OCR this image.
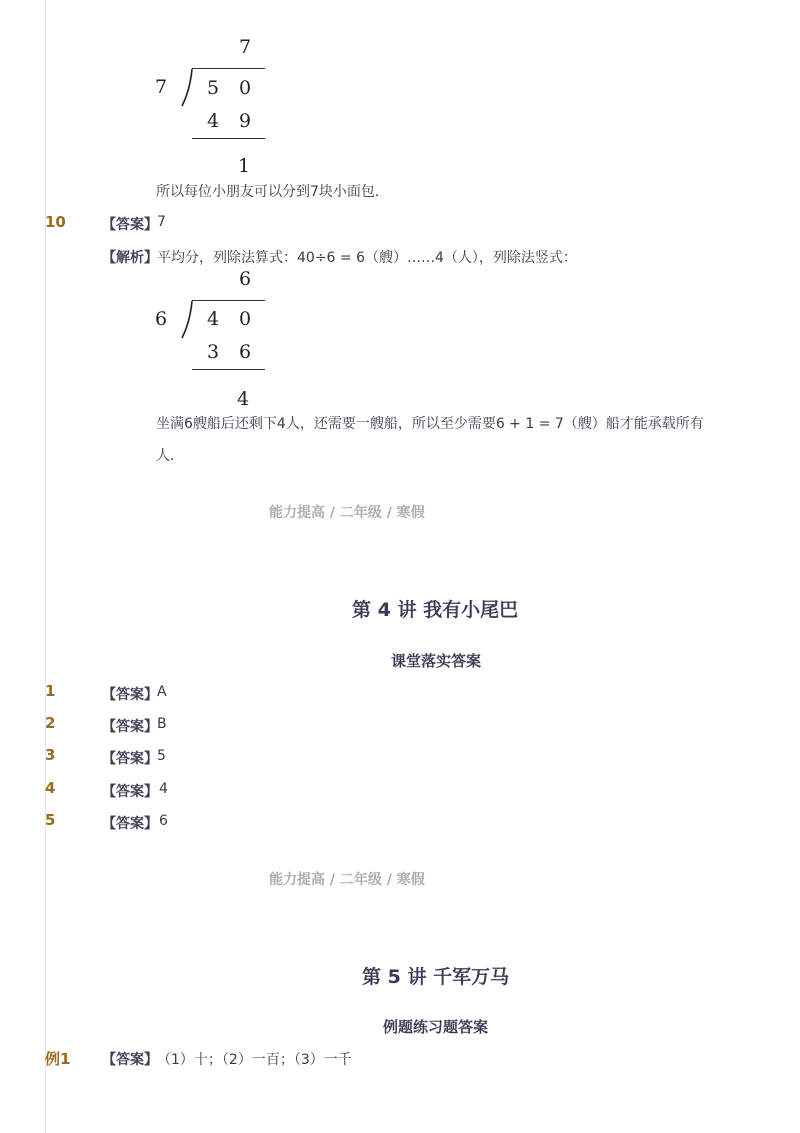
7
7 5 0
4 9
1
所以每位小朋友可以分到7块小面包．
10	【答案】 7
【解析】 平均分，列除法算式：40÷6 = 6（艘）……4（人），列除法竖式：
6
6 4 0
3 6
4
坐满6艘船后还剩下4人，还需要一艘船，所以至少需要6 + 1 = 7（艘）船才能承载所有
人．
能力提高 / 二年级 / 寒假
第 4 讲 我有小尾巴
课堂落实答案
1	【答案】 A
2	【答案】 B
3	【答案】 5
4	【答案】 4
5	【答案】 6
能力提高 / 二年级 / 寒假
第 5 讲 千军万马
例题练习题答案
例1 【答案】 （1）十；（2）一百；（3）一千
